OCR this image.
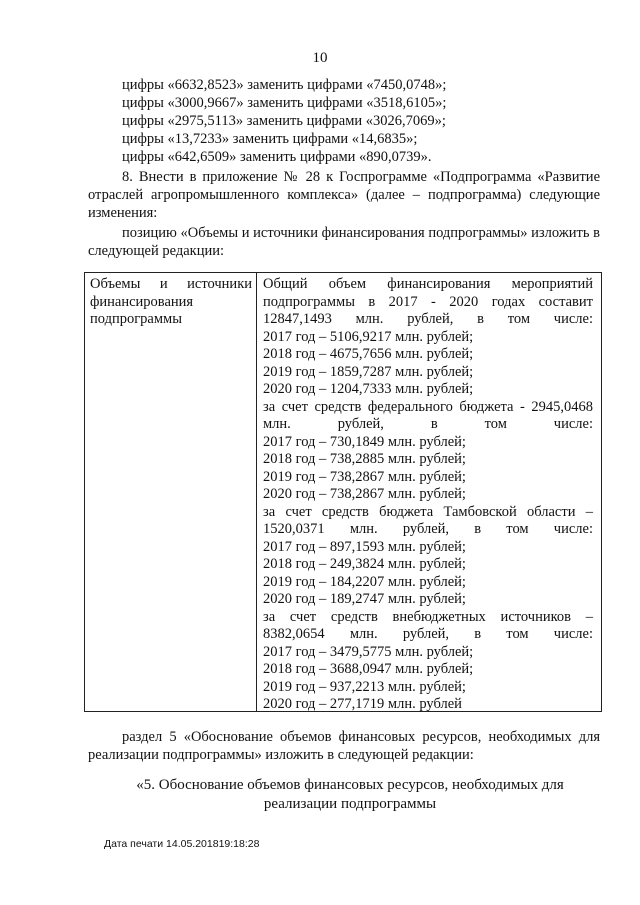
10
цифры «6632,8523» заменить цифрами «7450,0748»;
цифры «3000,9667» заменить цифрами «3518,6105»;
цифры «2975,5113» заменить цифрами «3026,7069»;
цифры «13,7233» заменить цифрами «14,6835»;
цифры «642,6509» заменить цифрами «890,0739».
8. Внести в приложение № 28 к Госпрограмме «Подпрограмма «Развитие отраслей агропромышленного комплекса» (далее – подпрограмма) следующие изменения:
позицию «Объемы и источники финансирования подпрограммы» изложить в следующей редакции:
Объемы и источники финансирования подпрограммы
Общий объем финансирования мероприятий подпрограммы в 2017 - 2020 годах составит 12847,1493 млн. рублей, в том числе:
2017 год – 5106,9217 млн. рублей;
2018 год – 4675,7656 млн. рублей;
2019 год – 1859,7287 млн. рублей;
2020 год – 1204,7333 млн. рублей;
за счет средств федерального бюджета - 2945,0468 млн. рублей, в том числе:
2017 год – 730,1849 млн. рублей;
2018 год – 738,2885 млн. рублей;
2019 год – 738,2867 млн. рублей;
2020 год – 738,2867 млн. рублей;
за счет средств бюджета Тамбовской области – 1520,0371 млн. рублей, в том числе:
2017 год – 897,1593 млн. рублей;
2018 год – 249,3824 млн. рублей;
2019 год – 184,2207 млн. рублей;
2020 год – 189,2747 млн. рублей;
за счет средств внебюджетных источников – 8382,0654 млн. рублей, в том числе:
2017 год – 3479,5775 млн. рублей;
2018 год – 3688,0947 млн. рублей;
2019 год – 937,2213 млн. рублей;
2020 год – 277,1719 млн. рублей
раздел 5 «Обоснование объемов финансовых ресурсов, необходимых для реализации подпрограммы» изложить в следующей редакции:
«5. Обоснование объемов финансовых ресурсов, необходимых для реализации подпрограммы
Дата печати 14.05.201819:18:28
